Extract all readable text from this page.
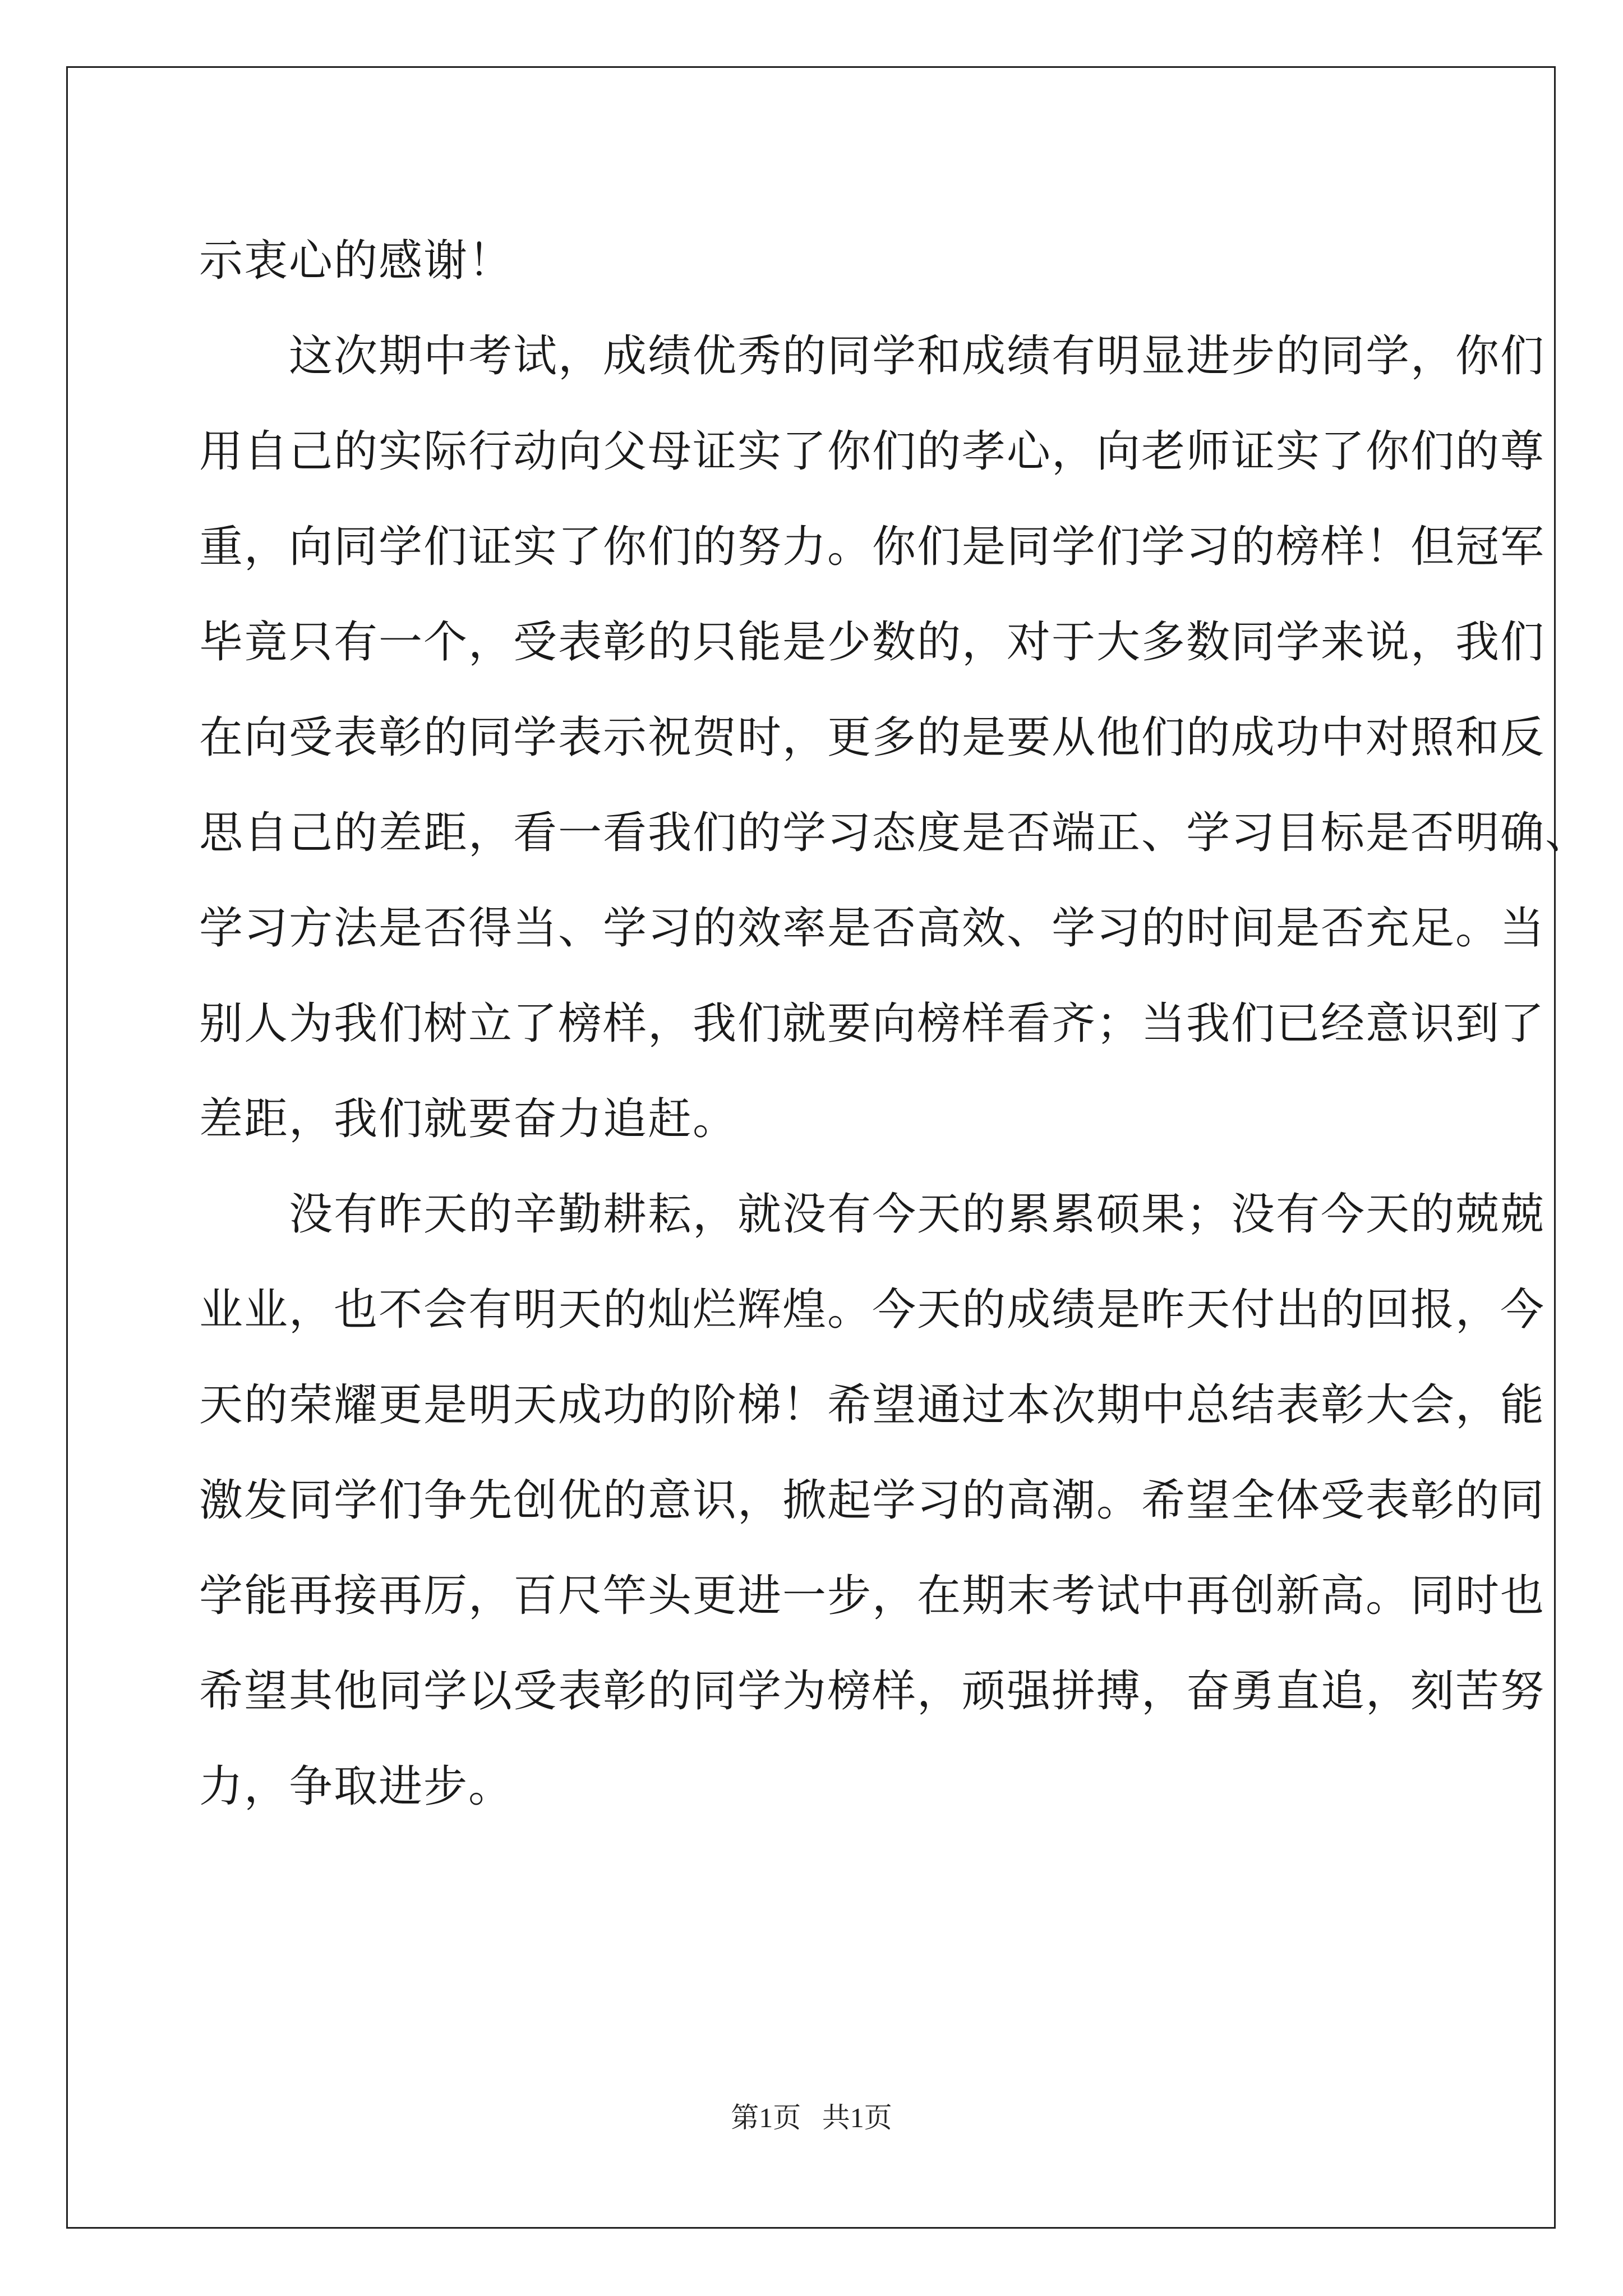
示衷心的感谢！
这次期中考试，成绩优秀的同学和成绩有明显进步的同学，你们
用自己的实际行动向父母证实了你们的孝心，向老师证实了你们的尊
重，向同学们证实了你们的努力。你们是同学们学习的榜样！但冠军
毕竟只有一个，受表彰的只能是少数的，对于大多数同学来说，我们
在向受表彰的同学表示祝贺时，更多的是要从他们的成功中对照和反
思自己的差距，看一看我们的学习态度是否端正、学习目标是否明确、
学习方法是否得当、学习的效率是否高效、学习的时间是否充足。当
别人为我们树立了榜样，我们就要向榜样看齐；当我们已经意识到了
差距，我们就要奋力追赶。
没有昨天的辛勤耕耘，就没有今天的累累硕果；没有今天的兢兢
业业，也不会有明天的灿烂辉煌。今天的成绩是昨天付出的回报，今
天的荣耀更是明天成功的阶梯！希望通过本次期中总结表彰大会，能
激发同学们争先创优的意识，掀起学习的高潮。希望全体受表彰的同
学能再接再厉，百尺竿头更进一步，在期末考试中再创新高。同时也
希望其他同学以受表彰的同学为榜样，顽强拼搏，奋勇直追，刻苦努
力，争取进步。
第1页   共1页
